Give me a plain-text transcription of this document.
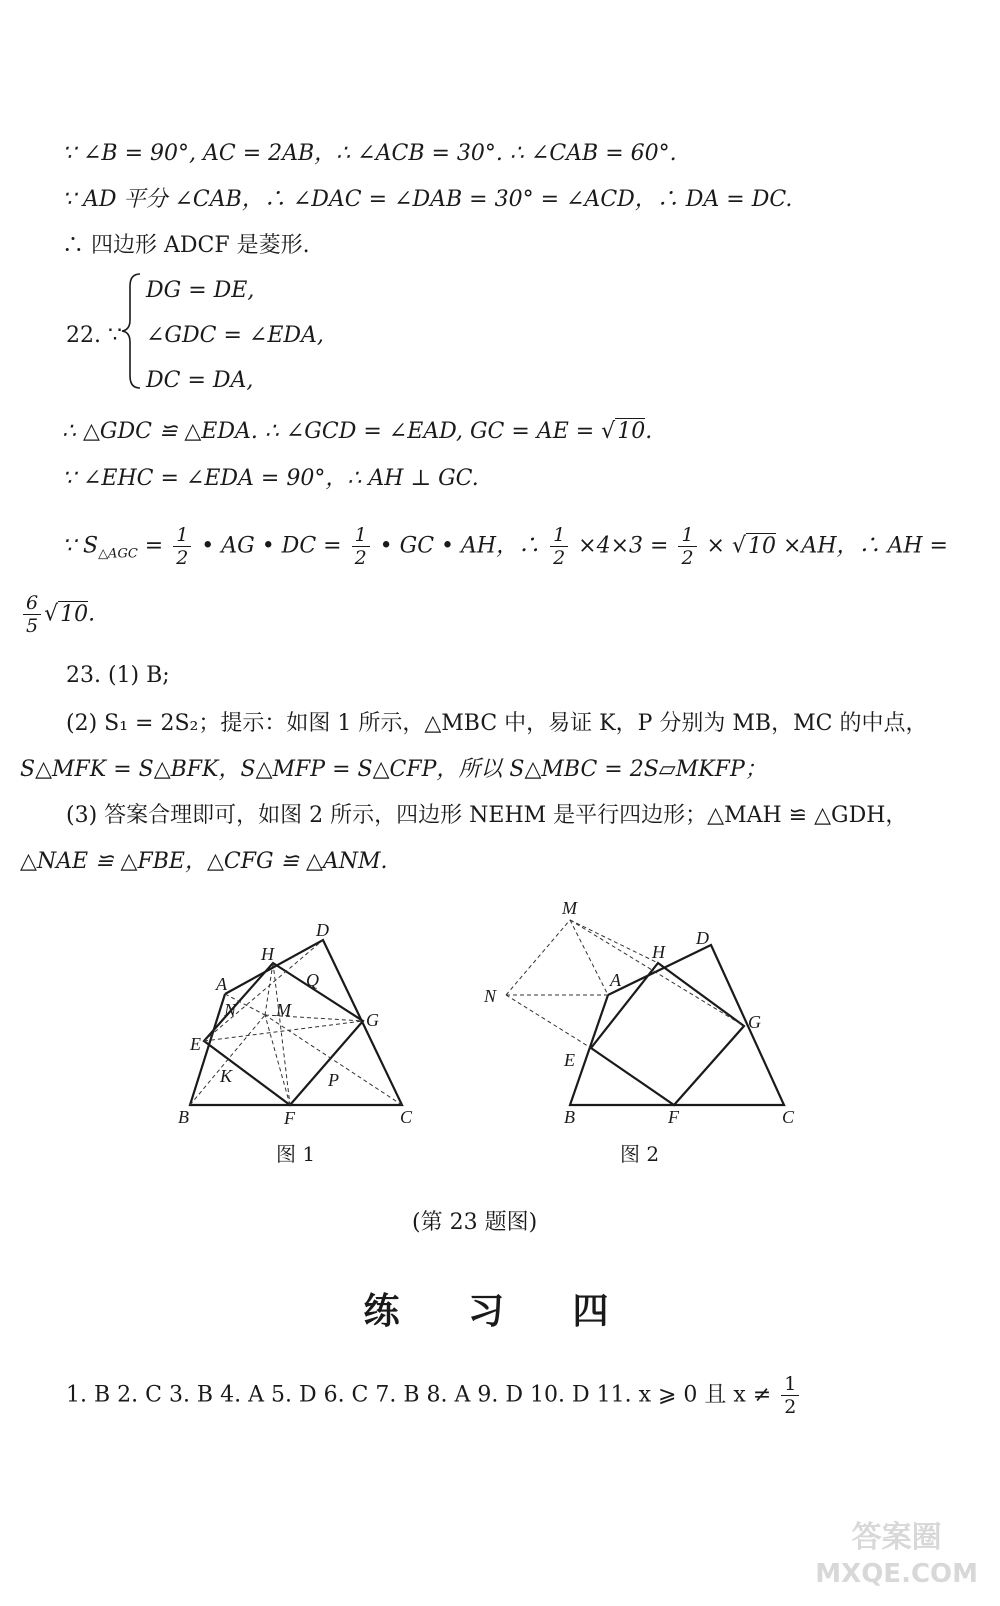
∵ ∠B = 90°, AC = 2AB，∴ ∠ACB = 30°. ∴ ∠CAB = 60°.
∵ AD 平分 ∠CAB，∴ ∠DAC = ∠DAB = 30° = ∠ACD，∴ DA = DC.
∴ 四边形 ADCF 是菱形.
22. ∵
DG = DE,
∠GDC = ∠EDA,
DC = DA,
∴ △GDC ≌ △EDA. ∴ ∠GCD = ∠EAD, GC = AE = √10.
∵ ∠EHC = ∠EDA = 90°，∴ AH ⊥ GC.
∵ $S_{\triangle AGC} = \frac{1}{2}$ • AG • DC = $\frac{1}{2}$ • GC • AH，∴ $\frac{1}{2} \times 4\times 3 = \frac{1}{2} \times √10 \times AH$，∴ AH =
$\frac{6}{5} √10$.
23. (1) B;
(2) S₁ = 2S₂；提示：如图 1 所示，△MBC 中，易证 K，P 分别为 MB，MC 的中点，
S△MFK = S△BFK，S△MFP = S△CFP，所以 S△MBC = 2S▱MKFP；
(3) 答案合理即可，如图 2 所示，四边形 NEHM 是平行四边形；△MAH ≌ △GDH，
△NAE ≌ △FBE，△CFG ≌ △ANM.
A
B	C
D
E
F
G
H
K
M
N
P
Q
图 1
M
N
A
H
D
G
E
B	F	C
图 2
(第 23 题图)
练 习 四
1. B 2. C 3. B 4. A 5. D 6. C 7. B 8. A 9. D 10. D 11. x ⩾ 0 且 $x \ne \frac{1}{2}$
答案圈
MXQE.COM
